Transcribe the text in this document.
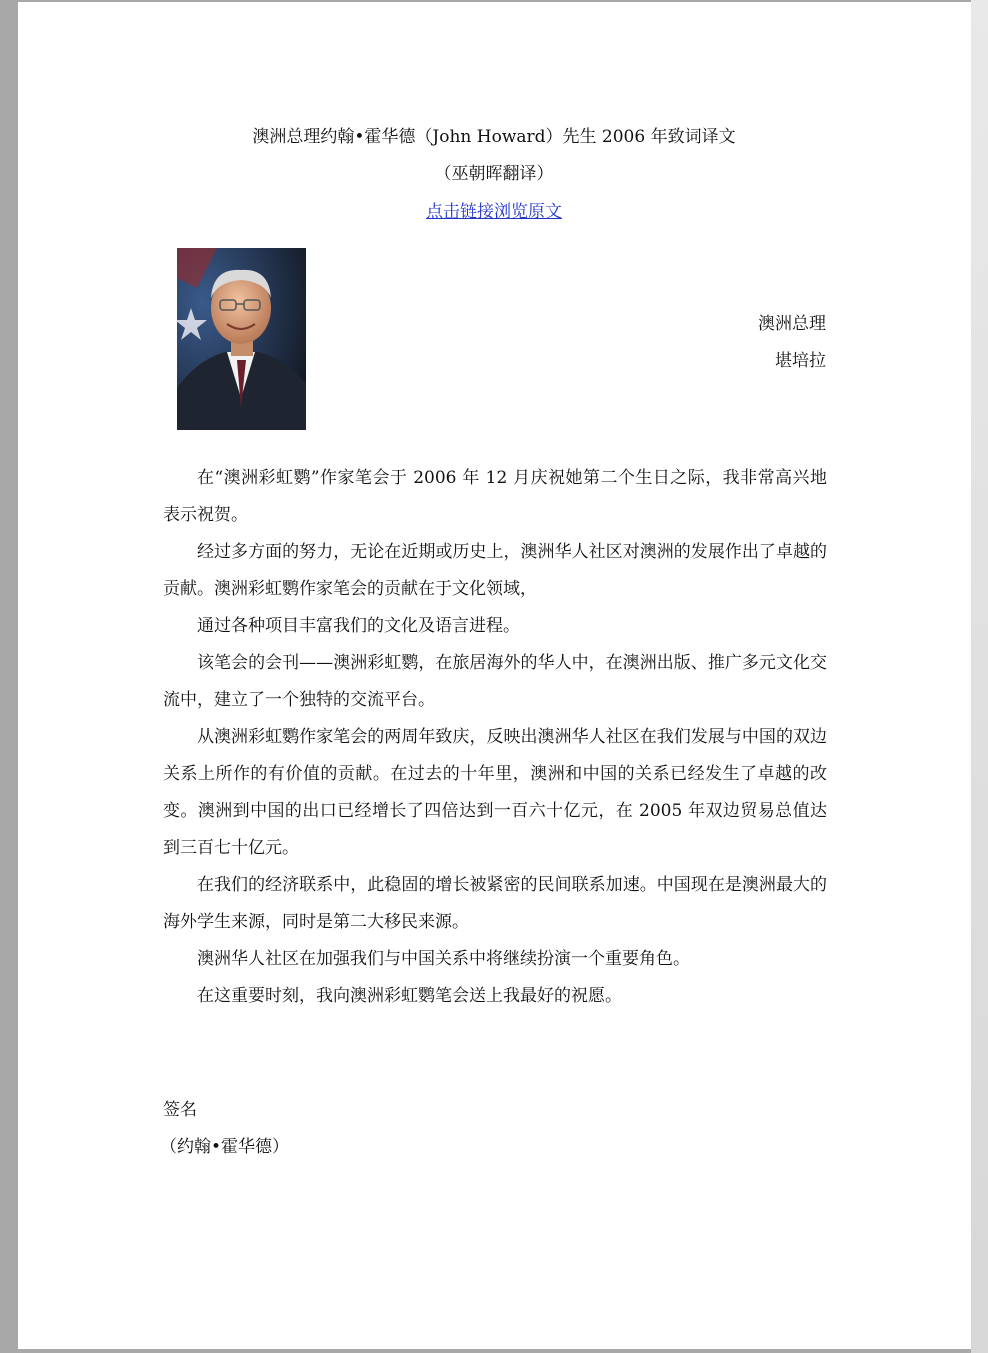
澳洲总理约翰•霍华德（John Howard）先生 2006 年致词译文
（巫朝晖翻译）
点击链接浏览原文
澳洲总理
堪培拉

在“澳洲彩虹鹦”作家笔会于 2006 年 12 月庆祝她第二个生日之际，我非常高兴地表示祝贺。

经过多方面的努力，无论在近期或历史上，澳洲华人社区对澳洲的发展作出了卓越的贡献。澳洲彩虹鹦作家笔会的贡献在于文化领域，

通过各种项目丰富我们的文化及语言进程。

该笔会的会刊——澳洲彩虹鹦，在旅居海外的华人中，在澳洲出版、推广多元文化交流中，建立了一个独特的交流平台。

从澳洲彩虹鹦作家笔会的两周年致庆，反映出澳洲华人社区在我们发展与中国的双边关系上所作的有价值的贡献。在过去的十年里，澳洲和中国的关系已经发生了卓越的改变。澳洲到中国的出口已经增长了四倍达到一百六十亿元，在 2005 年双边贸易总值达到三百七十亿元。

在我们的经济联系中，此稳固的增长被紧密的民间联系加速。中国现在是澳洲最大的海外学生来源，同时是第二大移民来源。

澳洲华人社区在加强我们与中国关系中将继续扮演一个重要角色。

在这重要时刻，我向澳洲彩虹鹦笔会送上我最好的祝愿。

签名
（约翰•霍华德）
